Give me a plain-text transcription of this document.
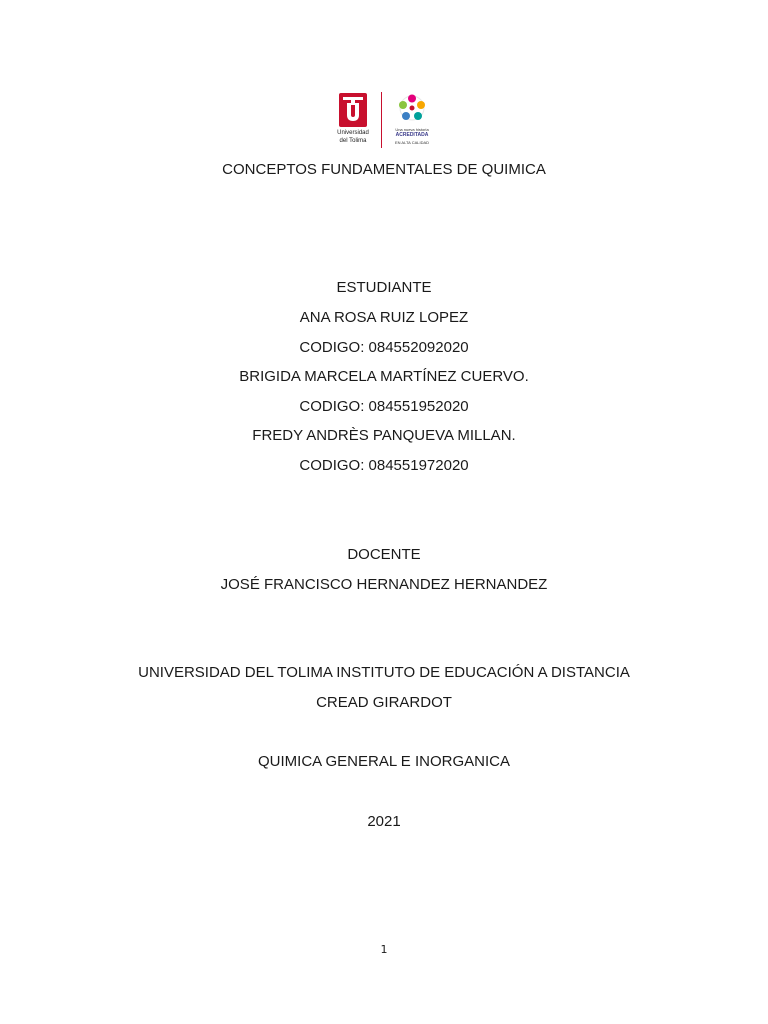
Universidad
del Tolima
Una nueva historia
ACREDITADA
EN ALTA CALIDAD
CONCEPTOS FUNDAMENTALES DE QUIMICA
ESTUDIANTE
ANA ROSA RUIZ LOPEZ
CODIGO: 084552092020
BRIGIDA MARCELA MARTÍNEZ CUERVO.
CODIGO: 084551952020
FREDY ANDRÈS PANQUEVA MILLAN.
CODIGO: 084551972020
DOCENTE
JOSÉ FRANCISCO HERNANDEZ HERNANDEZ
UNIVERSIDAD DEL TOLIMA INSTITUTO DE EDUCACIÓN A DISTANCIA
CREAD GIRARDOT
QUIMICA GENERAL E INORGANICA
2021
1
